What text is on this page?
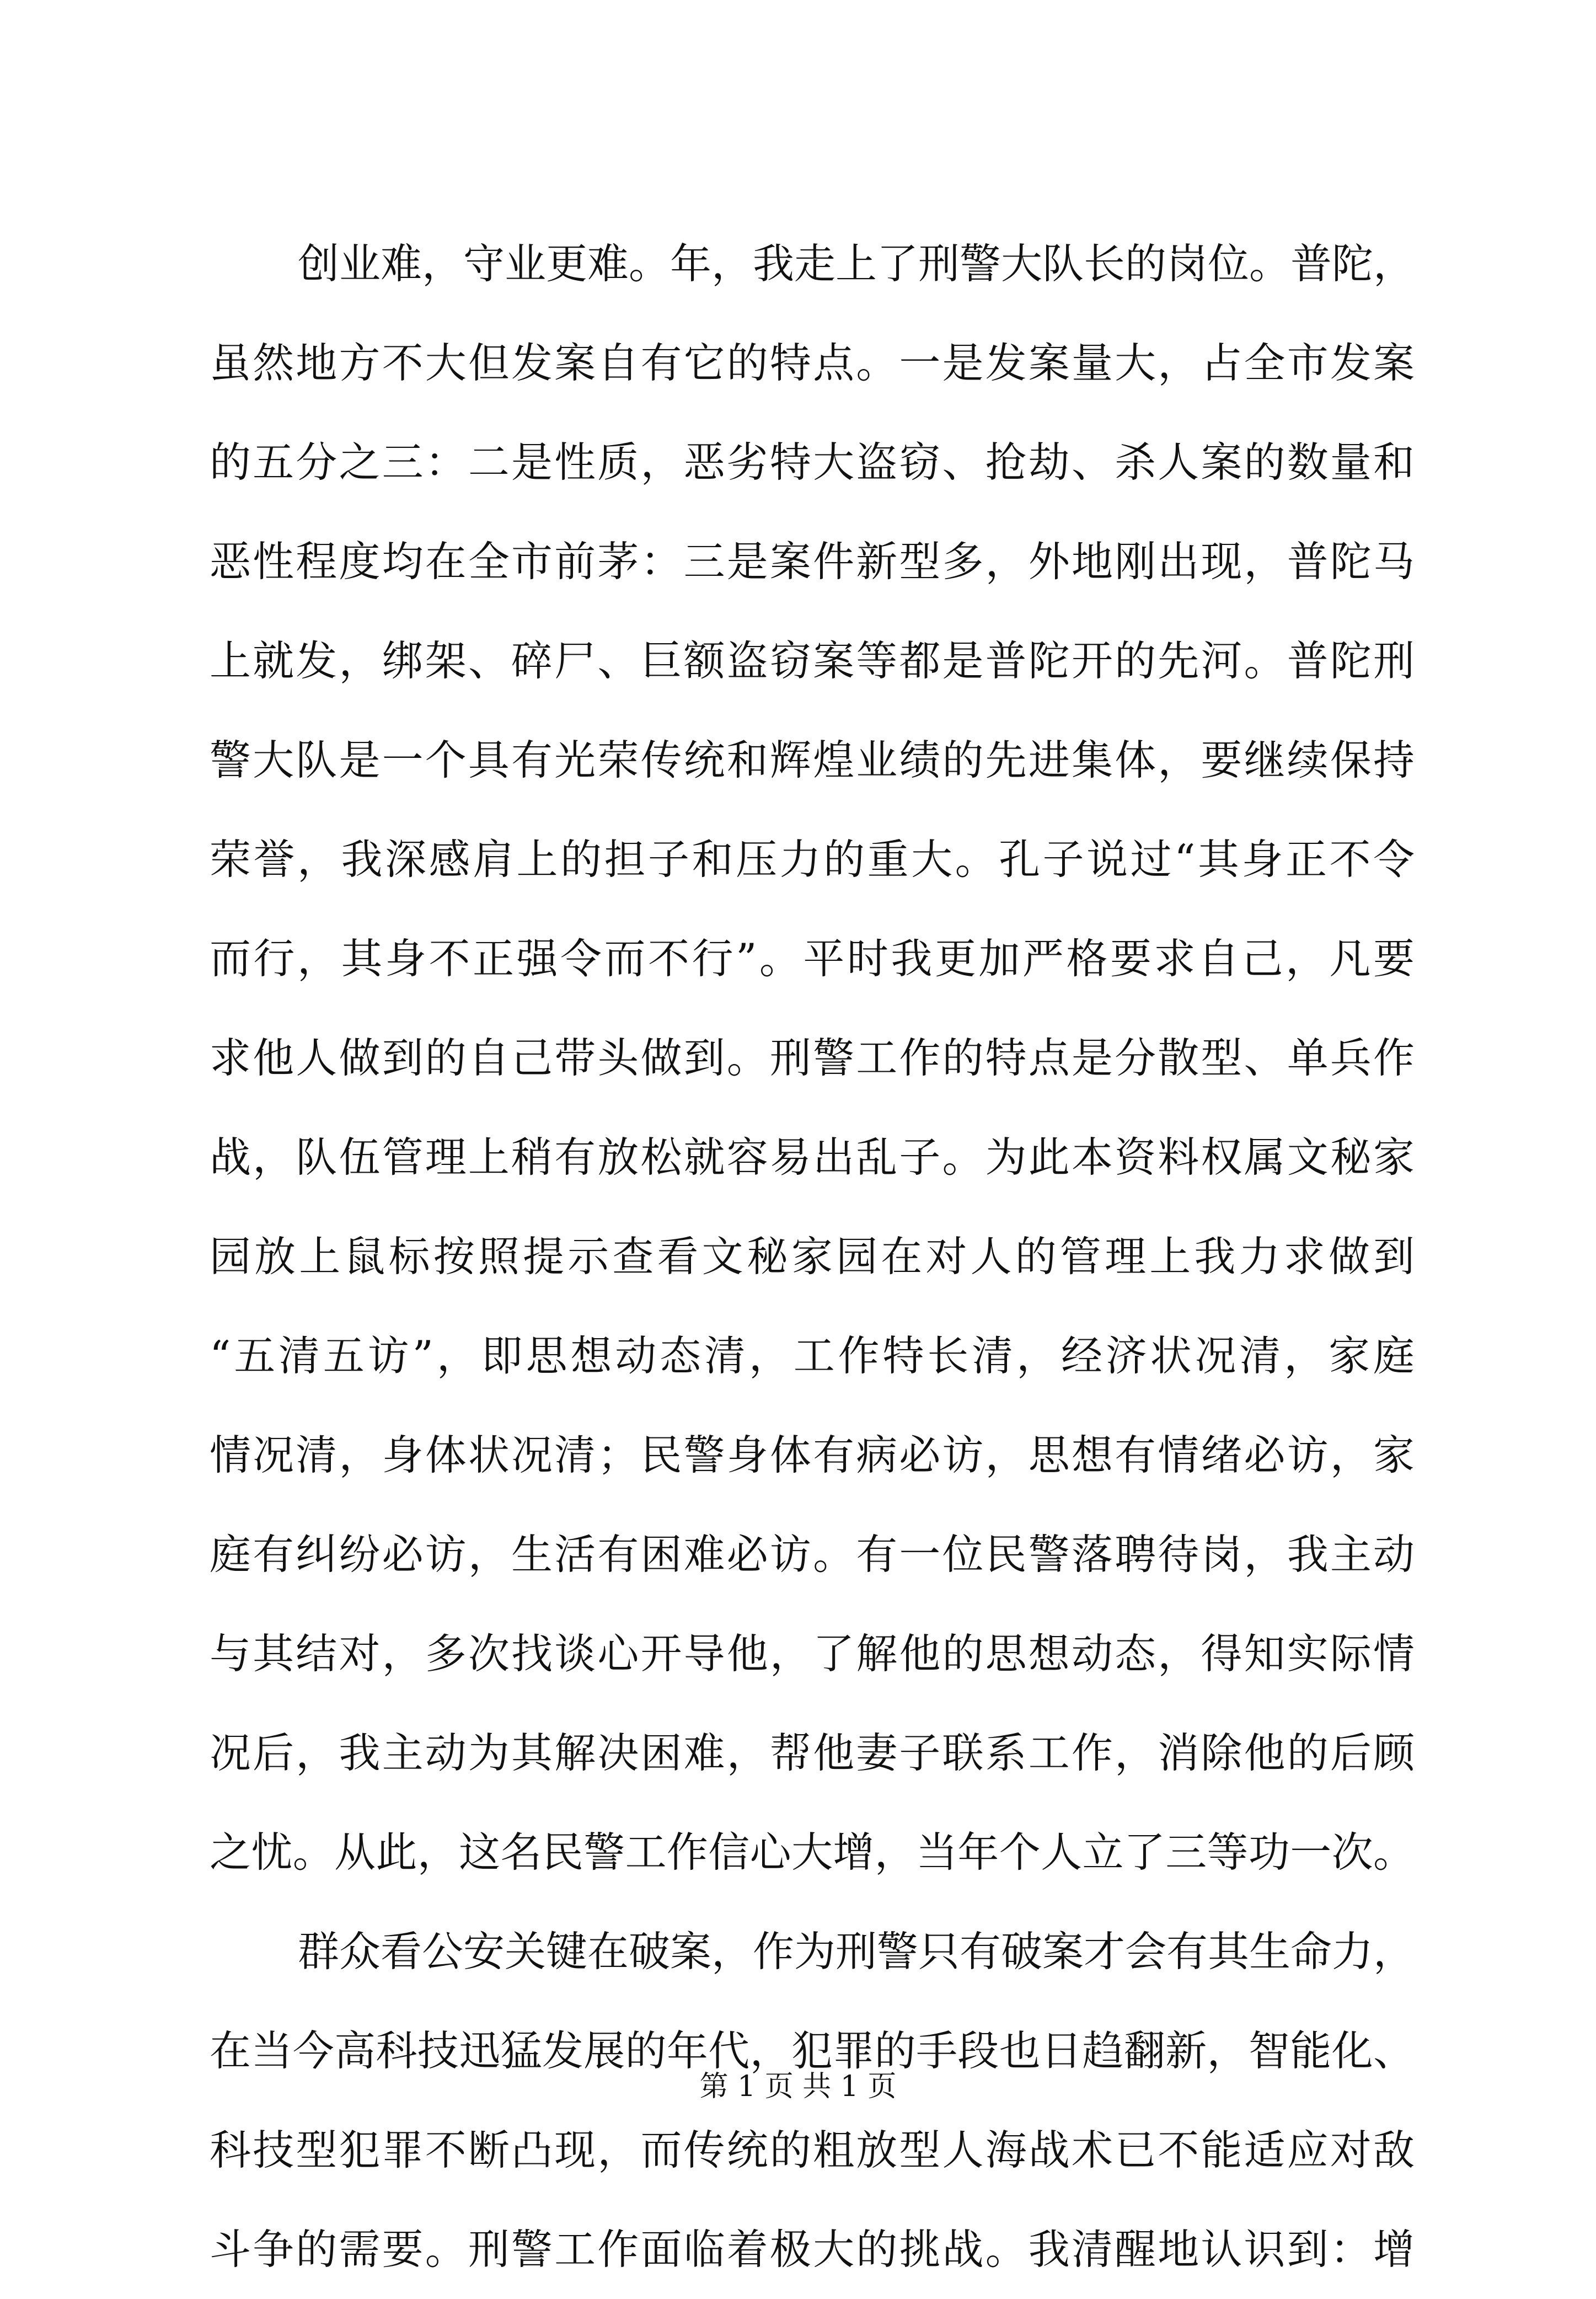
创业难，守业更难。年，我走上了刑警大队长的岗位。普陀，
虽然地方不大但发案自有它的特点。一是发案量大，占全市发案
的五分之三：二是性质，恶劣特大盗窃、抢劫、杀人案的数量和
恶性程度均在全市前茅：三是案件新型多，外地刚出现，普陀马
上就发，绑架、碎尸、巨额盗窃案等都是普陀开的先河。普陀刑
警大队是一个具有光荣传统和辉煌业绩的先进集体，要继续保持
荣誉，我深感肩上的担子和压力的重大。孔子说过“其身正不令
而行，其身不正强令而不行”。平时我更加严格要求自己，凡要
求他人做到的自己带头做到。刑警工作的特点是分散型、单兵作
战，队伍管理上稍有放松就容易出乱子。为此本资料权属文秘家
园放上鼠标按照提示查看文秘家园在对人的管理上我力求做到
“五清五访”，即思想动态清，工作特长清，经济状况清，家庭
情况清，身体状况清；民警身体有病必访，思想有情绪必访，家
庭有纠纷必访，生活有困难必访。有一位民警落聘待岗，我主动
与其结对，多次找谈心开导他，了解他的思想动态，得知实际情
况后，我主动为其解决困难，帮他妻子联系工作，消除他的后顾
之忧。从此，这名民警工作信心大增，当年个人立了三等功一次。
群众看公安关键在破案，作为刑警只有破案才会有其生命力，
在当今高科技迅猛发展的年代，犯罪的手段也日趋翻新，智能化、
科技型犯罪不断凸现，而传统的粗放型人海战术已不能适应对敌
斗争的需要。刑警工作面临着极大的挑战。我清醒地认识到：增
第 1 页 共 1 页
